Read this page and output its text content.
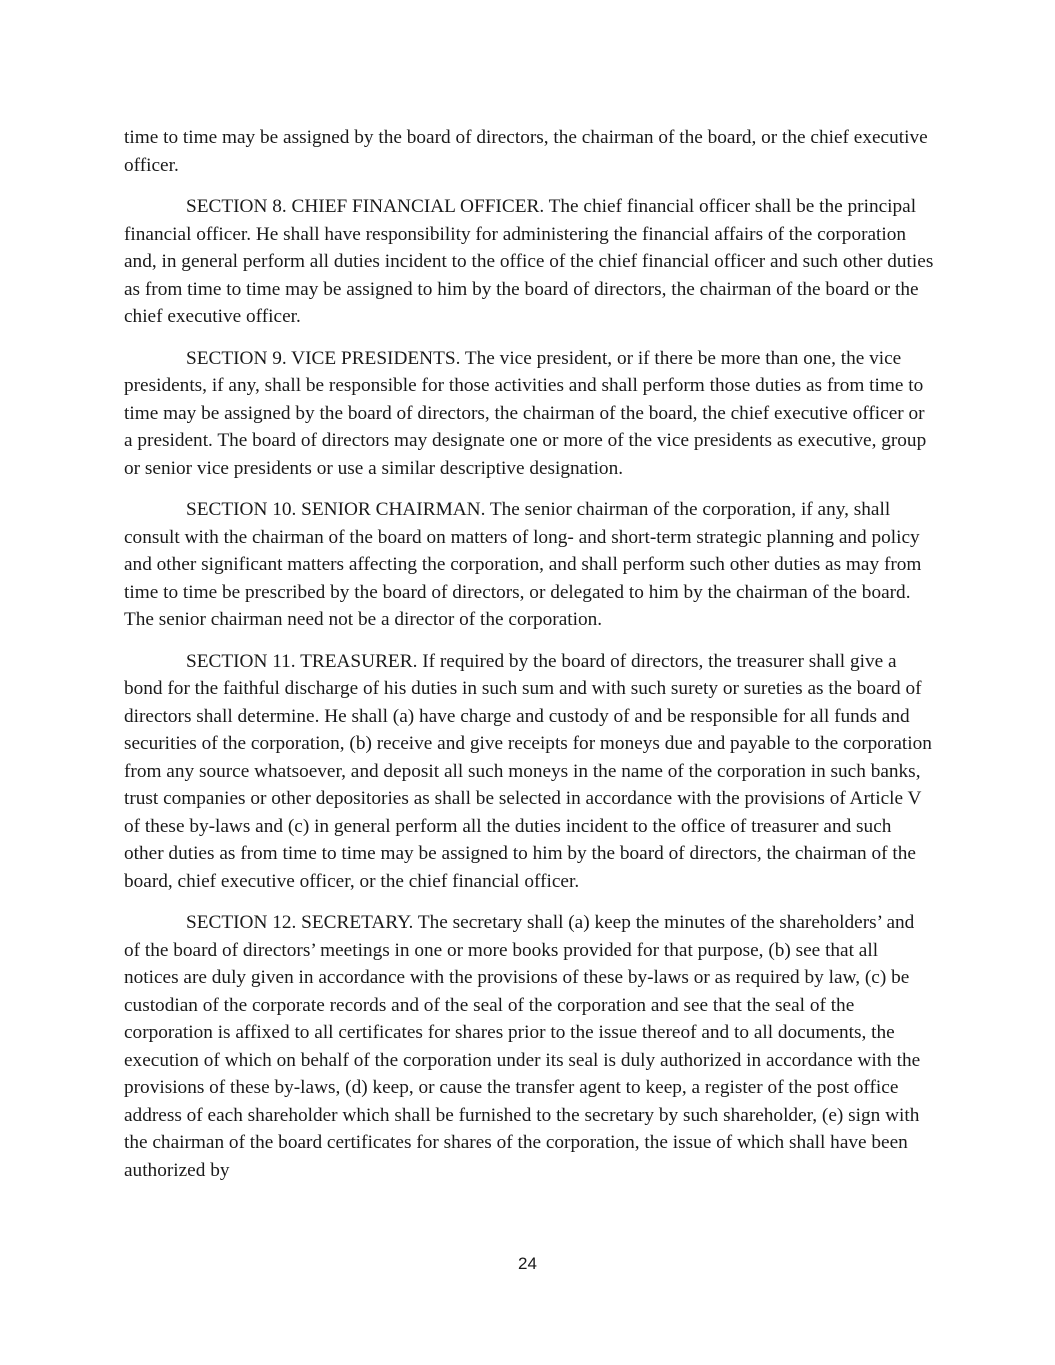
time to time may be assigned by the board of directors, the chairman of the board, or the chief executive officer.

SECTION 8. CHIEF FINANCIAL OFFICER. The chief financial officer shall be the principal financial officer. He shall have responsibility for administering the financial affairs of the corporation and, in general perform all duties incident to the office of the chief financial officer and such other duties as from time to time may be assigned to him by the board of directors, the chairman of the board or the chief executive officer.

SECTION 9. VICE PRESIDENTS. The vice president, or if there be more than one, the vice presidents, if any, shall be responsible for those activities and shall perform those duties as from time to time may be assigned by the board of directors, the chairman of the board, the chief executive officer or a president. The board of directors may designate one or more of the vice presidents as executive, group or senior vice presidents or use a similar descriptive designation.

SECTION 10. SENIOR CHAIRMAN. The senior chairman of the corporation, if any, shall consult with the chairman of the board on matters of long- and short-term strategic planning and policy and other significant matters affecting the corporation, and shall perform such other duties as may from time to time be prescribed by the board of directors, or delegated to him by the chairman of the board. The senior chairman need not be a director of the corporation.

SECTION 11. TREASURER. If required by the board of directors, the treasurer shall give a bond for the faithful discharge of his duties in such sum and with such surety or sureties as the board of directors shall determine. He shall (a) have charge and custody of and be responsible for all funds and securities of the corporation, (b) receive and give receipts for moneys due and payable to the corporation from any source whatsoever, and deposit all such moneys in the name of the corporation in such banks, trust companies or other depositories as shall be selected in accordance with the provisions of Article V of these by-laws and (c) in general perform all the duties incident to the office of treasurer and such other duties as from time to time may be assigned to him by the board of directors, the chairman of the board, chief executive officer, or the chief financial officer.

SECTION 12. SECRETARY. The secretary shall (a) keep the minutes of the shareholders’ and of the board of directors’ meetings in one or more books provided for that purpose, (b) see that all notices are duly given in accordance with the provisions of these by-laws or as required by law, (c) be custodian of the corporate records and of the seal of the corporation and see that the seal of the corporation is affixed to all certificates for shares prior to the issue thereof and to all documents, the execution of which on behalf of the corporation under its seal is duly authorized in accordance with the provisions of these by-laws, (d) keep, or cause the transfer agent to keep, a register of the post office address of each shareholder which shall be furnished to the secretary by such shareholder, (e) sign with the chairman of the board certificates for shares of the corporation, the issue of which shall have been authorized by

24
